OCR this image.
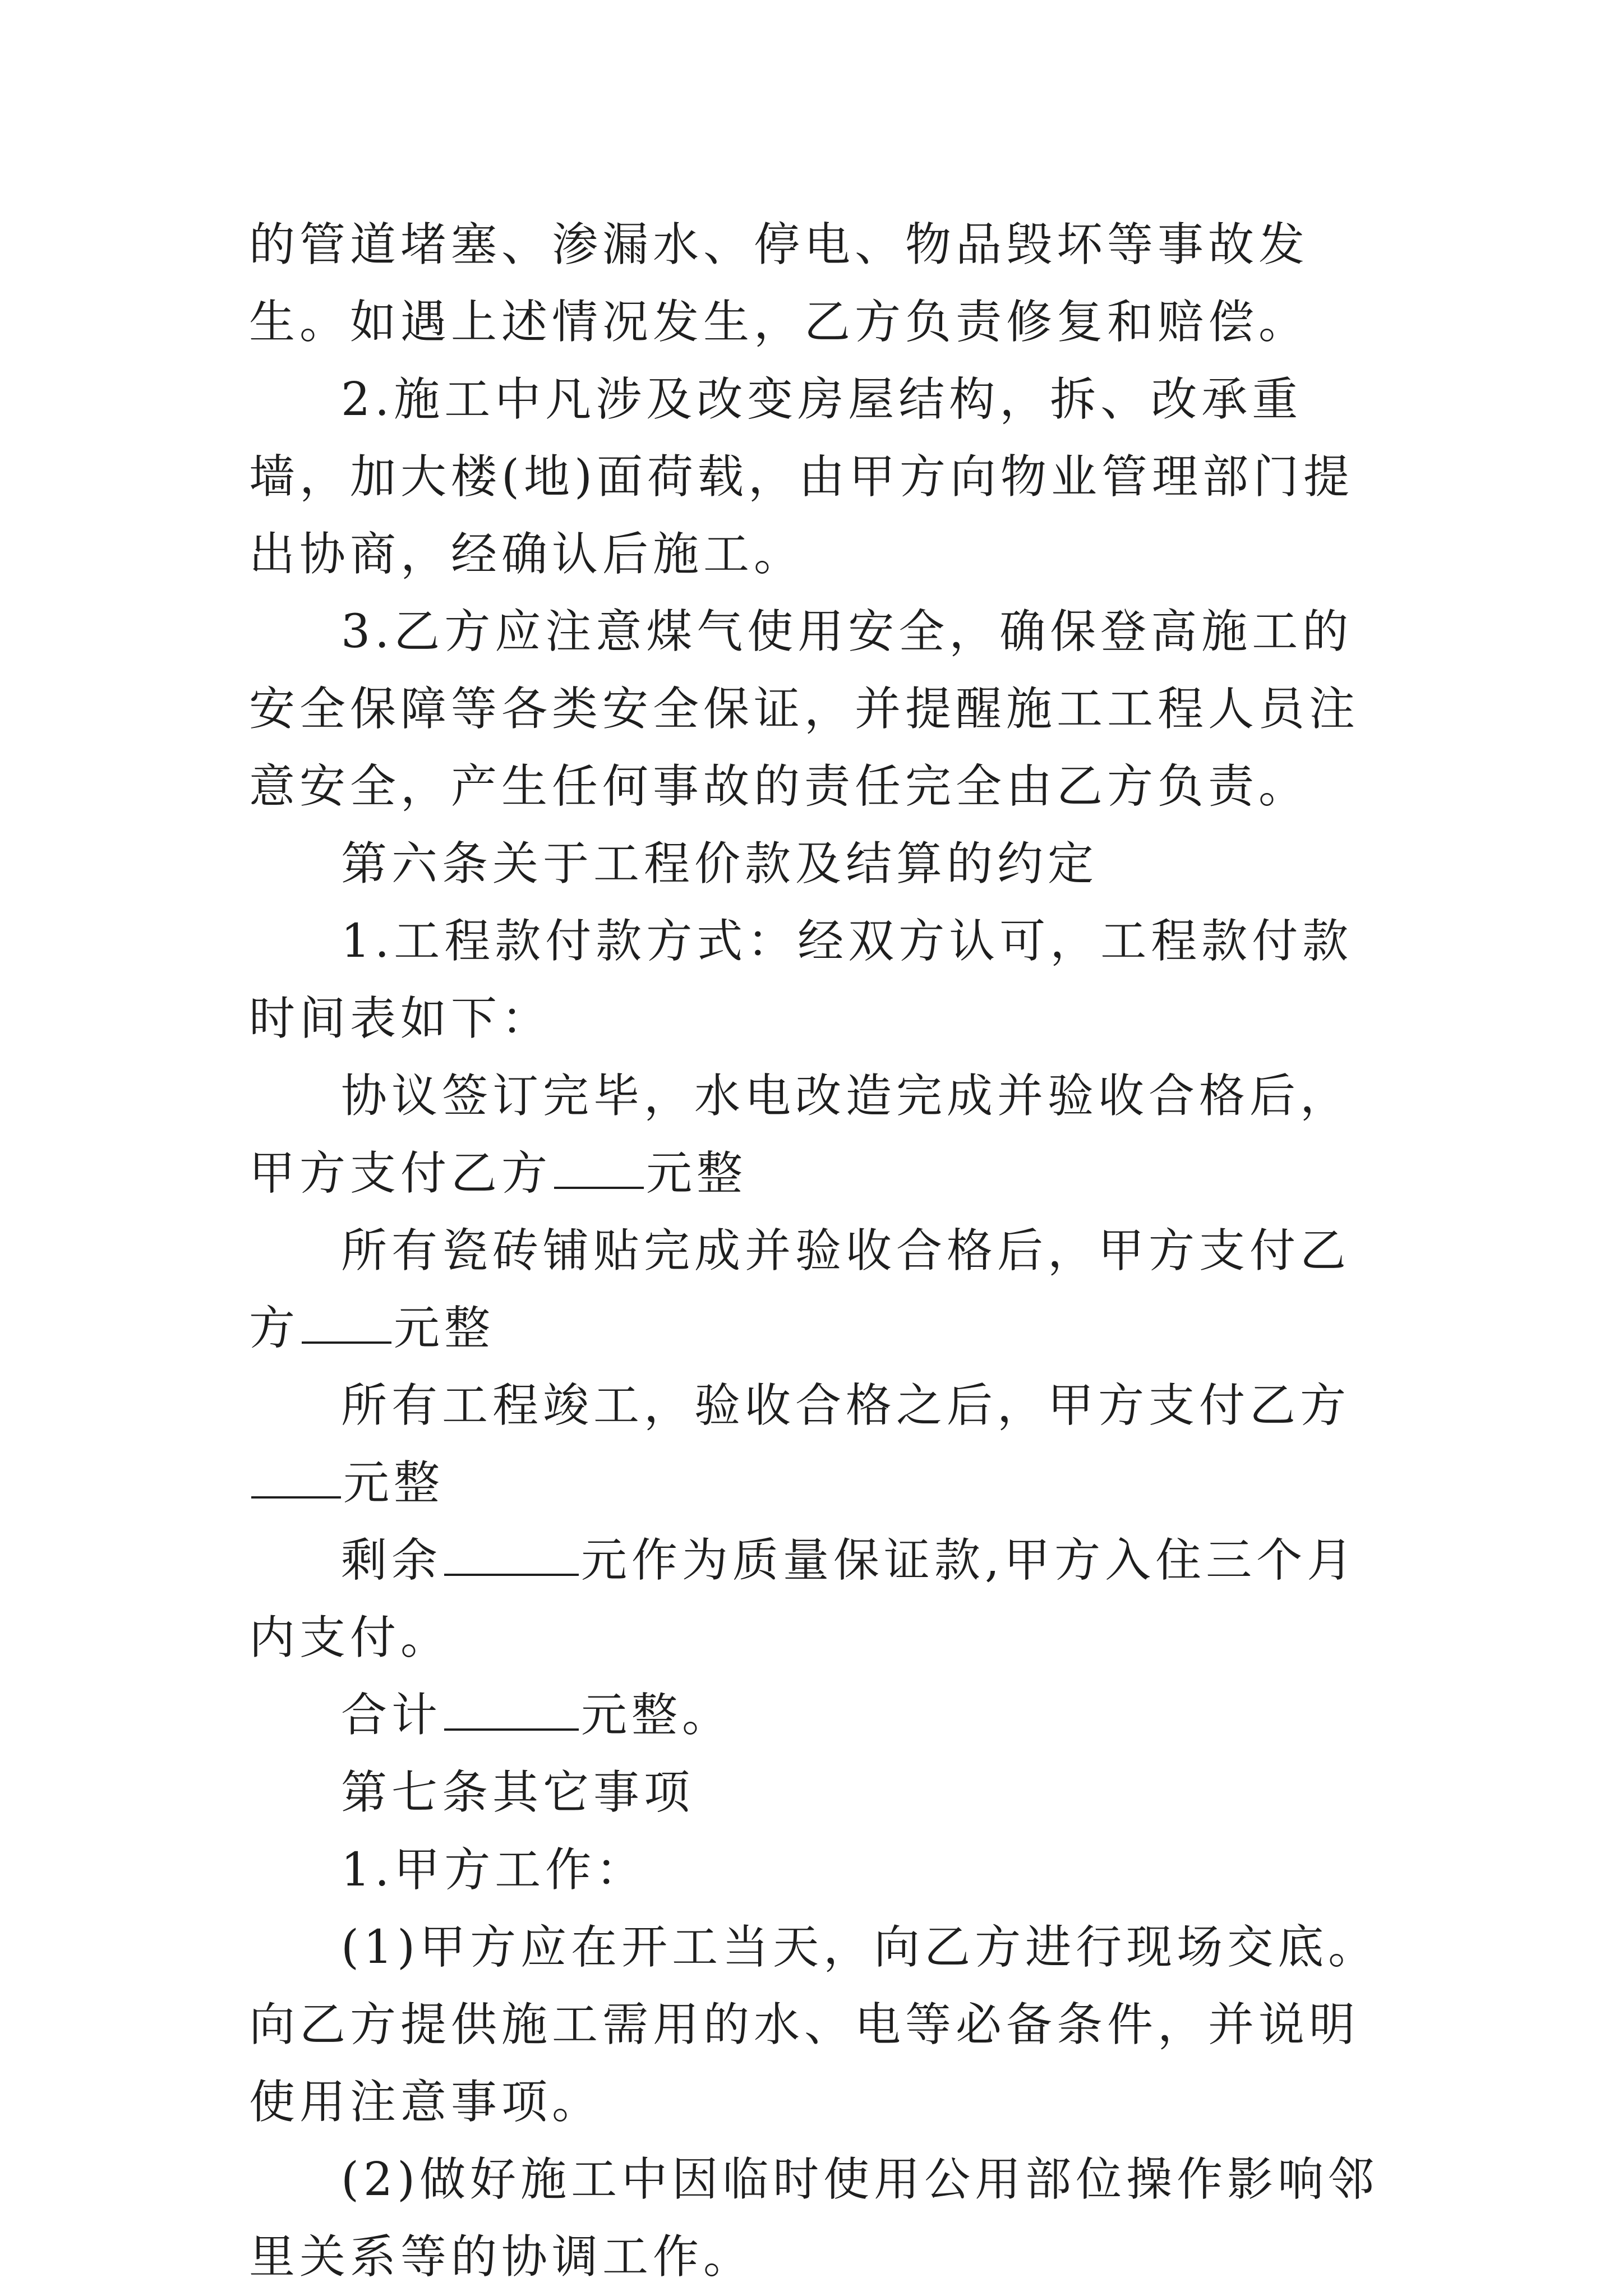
的管道堵塞、渗漏水、停电、物品毁坏等事故发生。如遇上述情况发生，乙方负责修复和赔偿。

2.施工中凡涉及改变房屋结构，拆、改承重墙，加大楼(地)面荷载，由甲方向物业管理部门提出协商，经确认后施工。

3.乙方应注意煤气使用安全，确保登高施工的安全保障等各类安全保证，并提醒施工工程人员注意安全，产生任何事故的责任完全由乙方负责。

第六条关于工程价款及结算的约定

1.工程款付款方式：经双方认可，工程款付款时间表如下：

协议签订完毕，水电改造完成并验收合格后，甲方支付乙方 元整

所有瓷砖铺贴完成并验收合格后，甲方支付乙方 元整

所有工程竣工，验收合格之后，甲方支付乙方元整

剩余	元作为质量保证款,甲方入住三个月内支付。

合计	元整。

第七条其它事项

1.甲方工作：

(1)甲方应在开工当天，向乙方进行现场交底。向乙方提供施工需用的水、电等必备条件，并说明使用注意事项。

(2)做好施工中因临时使用公用部位操作影响邻里关系等的协调工作。
